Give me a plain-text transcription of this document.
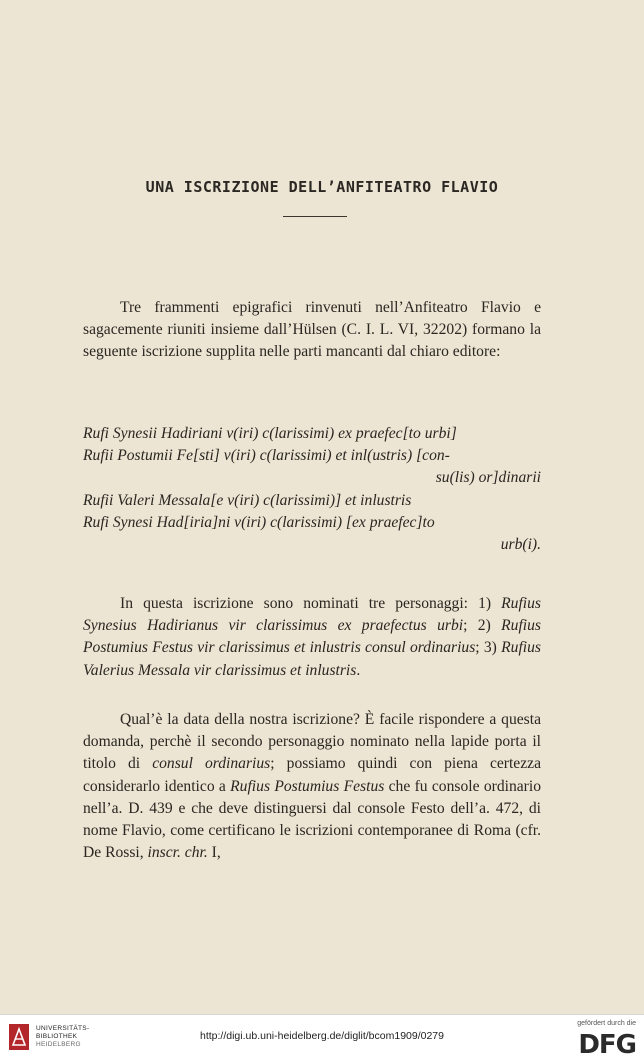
UNA ISCRIZIONE DELL’ANFITEATRO FLAVIO
Tre frammenti epigrafici rinvenuti nell’Anfiteatro Flavio e sagacemente riuniti insieme dall’Hülsen (C. I. L. VI, 32202) formano la seguente iscrizione supplita nelle parti mancanti dal chiaro editore:
Rufi Synesii Hadiriani v(iri) c(larissimi) ex praefec[to urbi]
Rufii Postumii Fe[sti] v(iri) c(larissimi) et inl(ustris) [con-
su(lis) or]dinarii
Rufii Valeri Messala[e v(iri) c(larissimi)] et inlustris
Rufi Synesi Had[iria]ni v(iri) c(larissimi) [ex praefec]to
urb(i).
In questa iscrizione sono nominati tre personaggi: 1) Rufius Synesius Hadirianus vir clarissimus ex praefectus urbi; 2) Rufius Postumius Festus vir clarissimus et inlustris consul ordinarius; 3) Rufius Valerius Messala vir clarissimus et inlustris.
Qual’è la data della nostra iscrizione? È facile rispondere a questa domanda, perchè il secondo personaggio nominato nella lapide porta il titolo di consul ordinarius; possiamo quindi con piena certezza considerarlo identico a Rufius Postumius Festus che fu console ordinario nell’a. D. 439 e che deve distinguersi dal console Festo dell’a. 472, di nome Flavio, come certificano le iscrizioni contemporanee di Roma (cfr. De Rossi, inscr. chr. I,
UNIVERSITÄTS-
BIBLIOTHEK
HEIDELBERG
http://digi.ub.uni-heidelberg.de/diglit/bcom1909/0279
gefördert durch die
DFG
